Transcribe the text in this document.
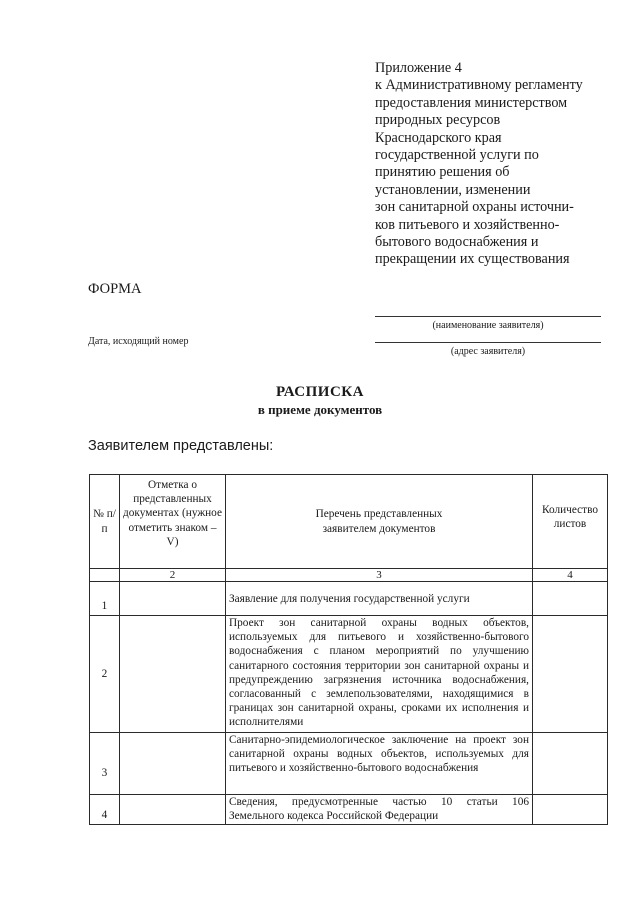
Приложение 4
к Административному регламенту
предоставления министерством
природных ресурсов
Краснодарского края
государственной услуги по
принятию решения об
установлении, изменении
зон санитарной охраны источни-
ков питьевого и хозяйственно-
бытового водоснабжения и
прекращении их существования
ФОРМА
(наименование заявителя)
Дата, исходящий номер
(адрес заявителя)
РАСПИСКА
в приеме документов
Заявителем представлены:
№ п/п	Отметка о представленных документах (нужное отметить знаком – V)	Перечень представленных заявителем документов	Количество листов
	2	3	4
1		Заявление для получения государственной услуги	
2		Проект зон санитарной охраны водных объектов, используемых для питьевого и хозяйственно-бытового водоснабжения с планом мероприятий по улучшению санитарного состояния территории зон санитарной охраны и предупреждению загрязнения источника водоснабжения, согласованный с землепользователями, находящимися в границах зон санитарной охраны, сроками их исполнения и исполнителями	
3		Санитарно-эпидемиологическое заключение на проект зон санитарной охраны водных объектов, используемых для питьевого и хозяйственно-бытового водоснабжения	
4		Сведения, предусмотренные частью 10 статьи 106 Земельного кодекса Российской Федерации	
